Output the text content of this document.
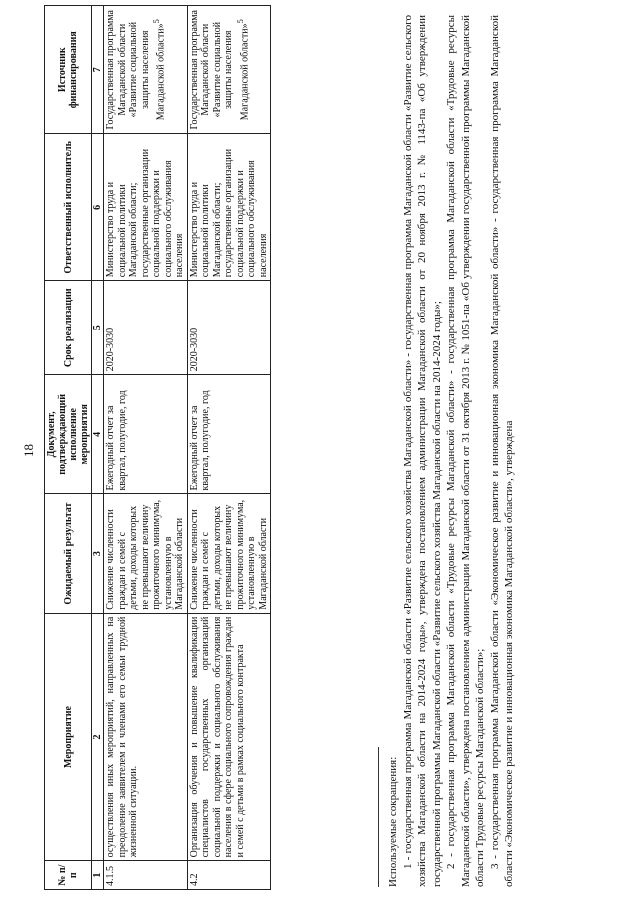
18
№ п/п	Мероприятие	Ожидаемый результат	Документ, подтверждающий исполнение мероприятия	Срок реализации	Ответственный исполнитель	Источник финансирования
1	2	3	4	5	6	7
4.1.5	осуществления иных мероприятий, направленных на преодоление заявителем и членами его семьи трудной жизненной ситуации.	Снижение численности граждан и семей с детьми, доходы которых не превышают величину прожиточного минимума, установленную в Магаданской области	Ежегодный отчет за квартал, полугодие, год	2020-3030	Министерство труда и социальной политики Магаданской области; государственные организации социальной поддержки и социального обслуживания населения	Государственная программа Магаданской области «Развитие социальной защиты населения Магаданской области»$^5$
4.2	Организация обучения и повышение квалификации специалистов государственных организаций социальной поддержки и социального обслуживания населения в сфере социального сопровождения граждан и семей с детьми в рамках социального контракта	Снижение численности граждан и семей с детьми, доходы которых не превышают величину прожиточного минимума, установленную в Магаданской области	Ежегодный отчет за квартал, полугодие, год	2020-3030	Министерство труда и социальной политики Магаданской области; государственные организации социальной поддержки и социального обслуживания населения	Государственная программа Магаданской области «Развитие социальной защиты населения Магаданской области»$^5$

Используемые сокращения: 1 - государственная программа Магаданской области «Развитие сельского хозяйства Магаданской области» - государственная программа Магаданской области «Развитие сельского хозяйства Магаданской области на 2014-2024 годы», утверждена постановлением администрации Магаданской области от 20 ноября 2013 г. № 1143-па «Об утверждении государственной программы Магаданской области «Развитие сельского хозяйства Магаданской области на 2014-2024 годы»; 2 - государственная программа Магаданской области «Трудовые ресурсы Магаданской области» - государственная программа Магаданской области «Трудовые ресурсы Магаданской области», утверждена постановлением администрации Магаданской области от 31 октября 2013 г. № 1051-па «Об утверждении государственной программы Магаданской области Трудовые ресурсы Магаданской области»; 3 - государственная программа Магаданской области «Экономическое развитие и инновационная экономика Магаданской области» - государственная программа Магаданской области «Экономическое развитие и инновационная экономика Магаданской области», утверждена
